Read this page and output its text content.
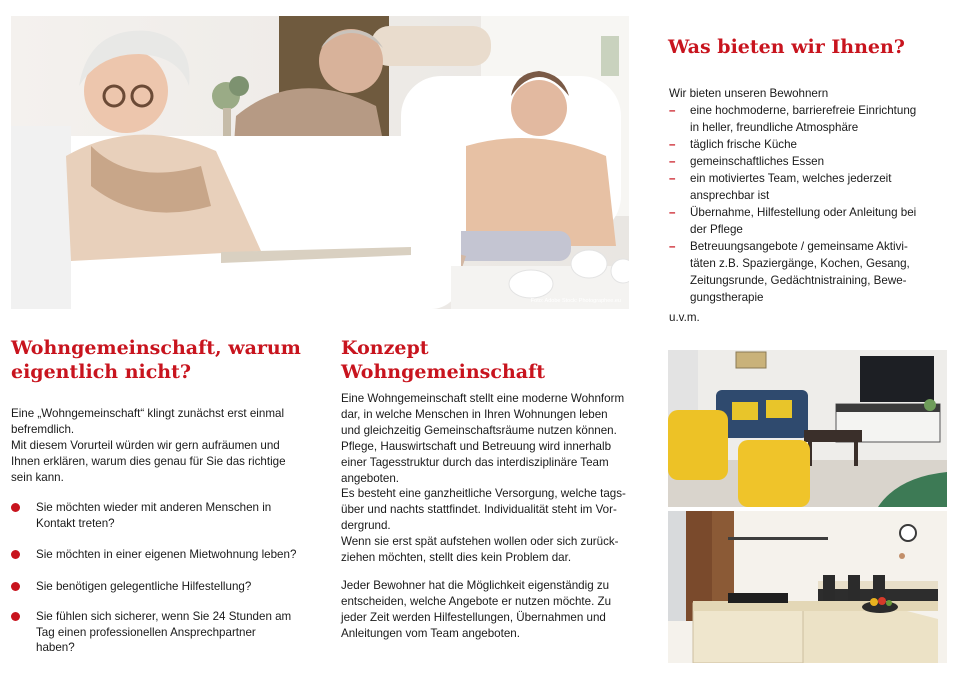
Foto: Adobe Stock: Photographee.eu
Wohngemeinschaft, warum eigentlich nicht?
Eine „Wohngemeinschaft“ klingt zunächst erst einmal
befremdlich.
Mit diesem Vorurteil würden wir gern aufräumen und
Ihnen erklären, warum dies genau für Sie das richtige
sein kann.
Sie möchten wieder mit anderen Menschen in
Kontakt treten?
Sie möchten in einer eigenen Mietwohnung leben?
Sie benötigen gelegentliche Hilfestellung?
Sie fühlen sich sicherer, wenn Sie 24 Stunden am
Tag einen professionellen Ansprechpartner
haben?
Konzept Wohngemeinschaft
Eine Wohngemeinschaft stellt eine moderne Wohnform
dar, in welche Menschen in Ihren Wohnungen leben
und gleichzeitig Gemeinschaftsräume nutzen können.
Pflege, Hauswirtschaft und Betreuung wird innerhalb
einer Tagesstruktur durch das interdisziplinäre Team
angeboten.
Es besteht eine ganzheitliche Versorgung, welche tags-
über und nachts stattfindet. Individualität steht im Vor-
dergrund.
Wenn sie erst spät aufstehen wollen oder sich zurück-
ziehen möchten, stellt dies kein Problem dar.
Jeder Bewohner hat die Möglichkeit eigenständig zu
entscheiden, welche Angebote er nutzen möchte. Zu
jeder Zeit werden Hilfestellungen, Übernahmen und
Anleitungen vom Team angeboten.
Was bieten wir Ihnen?
Wir bieten unseren Bewohnern
– eine hochmoderne, barrierefreie Einrichtung
in heller, freundliche Atmosphäre
– täglich frische Küche
– gemeinschaftliches Essen
– ein motiviertes Team, welches jederzeit
ansprechbar ist
– Übernahme, Hilfestellung oder Anleitung bei
der Pflege
– Betreuungsangebote / gemeinsame Aktivi-
täten z.B. Spaziergänge, Kochen, Gesang,
Zeitungsrunde, Gedächtnistraining, Bewe-
gungstherapie
u.v.m.
